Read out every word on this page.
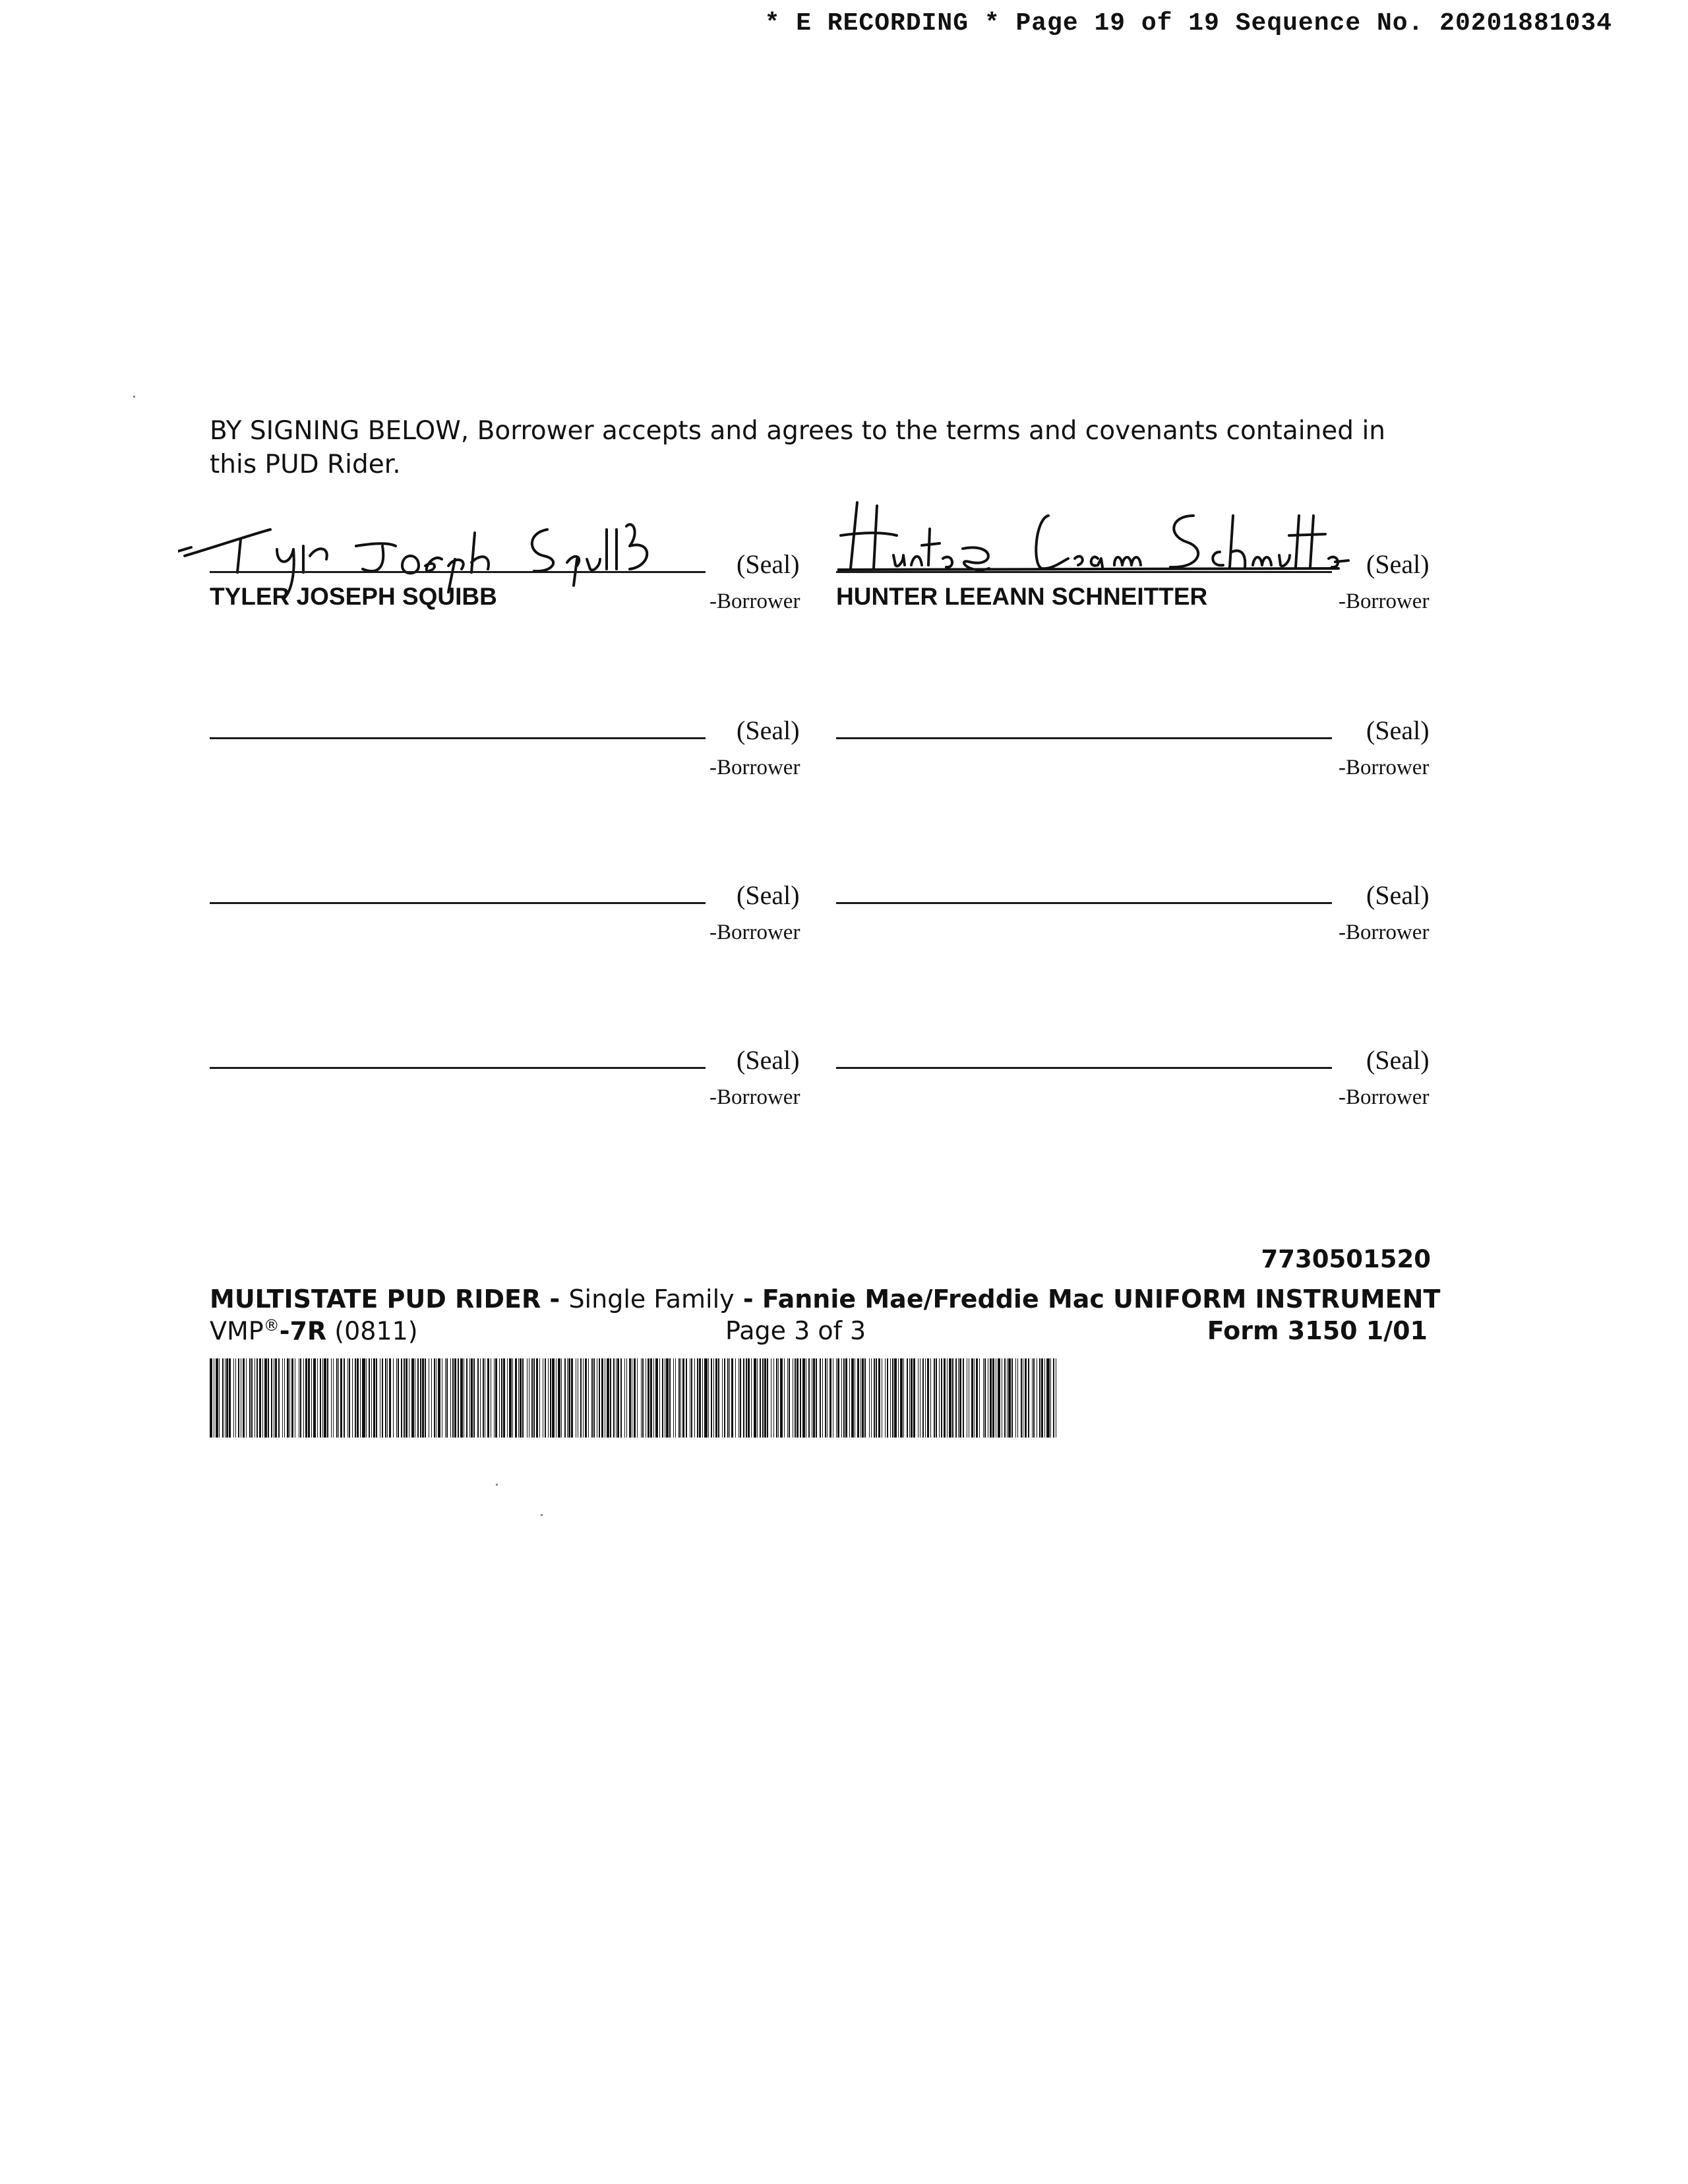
* E RECORDING * Page 19 of 19 Sequence No. 20201881034
BY SIGNING BELOW, Borrower accepts and agrees to the terms and covenants contained in this PUD Rider.
(Seal)
TYLER JOSEPH SQUIBB	-Borrower
(Seal)
HUNTER LEEANN SCHNEITTER	-Borrower
(Seal)
-Borrower
(Seal)
-Borrower
(Seal)
-Borrower
(Seal)
-Borrower
(Seal)
-Borrower
(Seal)
-Borrower
7730501520
MULTISTATE PUD RIDER - Single Family - Fannie Mae/Freddie Mac UNIFORM INSTRUMENT
VMP®-7R (0811)	Page 3 of 3	Form 3150 1/01
